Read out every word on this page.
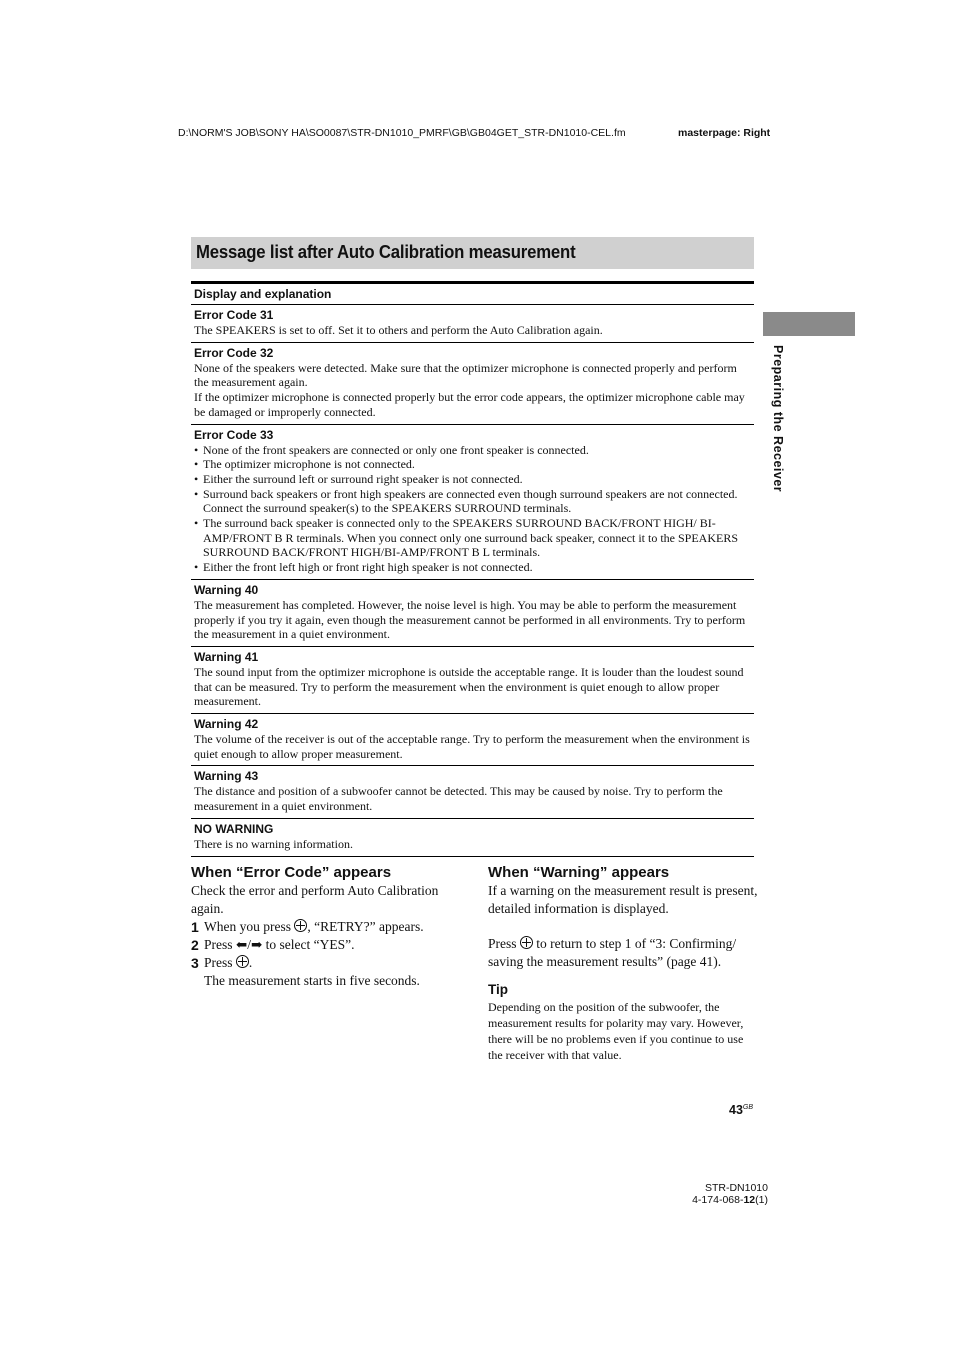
D:\NORM'S JOB\SONY HA\SO0087\STR-DN1010_PMRF\GB\GB04GET_STR-DN1010-CEL.fm	masterpage: Right
Message list after Auto Calibration measurement
Preparing the Receiver
Display and explanation
Error Code 31
The SPEAKERS is set to off. Set it to others and perform the Auto Calibration again.
Error Code 32
None of the speakers were detected. Make sure that the optimizer microphone is connected properly and perform the measurement again.
If the optimizer microphone is connected properly but the error code appears, the optimizer microphone cable may be damaged or improperly connected.
Error Code 33
• None of the front speakers are connected or only one front speaker is connected.
• The optimizer microphone is not connected.
• Either the surround left or surround right speaker is not connected.
• Surround back speakers or front high speakers are connected even though surround speakers are not connected. Connect the surround speaker(s) to the SPEAKERS SURROUND terminals.
• The surround back speaker is connected only to the SPEAKERS SURROUND BACK/FRONT HIGH/ BI-AMP/FRONT B R terminals. When you connect only one surround back speaker, connect it to the SPEAKERS SURROUND BACK/FRONT HIGH/BI-AMP/FRONT B L terminals.
• Either the front left high or front right high speaker is not connected.
Warning 40
The measurement has completed. However, the noise level is high. You may be able to perform the measurement properly if you try it again, even though the measurement cannot be performed in all environments. Try to perform the measurement in a quiet environment.
Warning 41
The sound input from the optimizer microphone is outside the acceptable range. It is louder than the loudest sound that can be measured. Try to perform the measurement when the environment is quiet enough to allow proper measurement.
Warning 42
The volume of the receiver is out of the acceptable range. Try to perform the measurement when the environment is quiet enough to allow proper measurement.
Warning 43
The distance and position of a subwoofer cannot be detected. This may be caused by noise. Try to perform the measurement in a quiet environment.
NO WARNING
There is no warning information.
When “Error Code” appears

Check the error and perform Auto Calibration again.

1 When you press , “RETRY?” appears.
2 Press ⬅/➡ to select “YES”.
3 Press .
The measurement starts in five seconds.
When “Warning” appears

If a warning on the measurement result is present, detailed information is displayed.

Press  to return to step 1 of “3: Confirming/ saving the measurement results” (page 41).

Tip
Depending on the position of the subwoofer, the measurement results for polarity may vary. However, there will be no problems even if you continue to use the receiver with that value.
$43^{GB}$
STR-DN1010
4-174-068-12(1)
